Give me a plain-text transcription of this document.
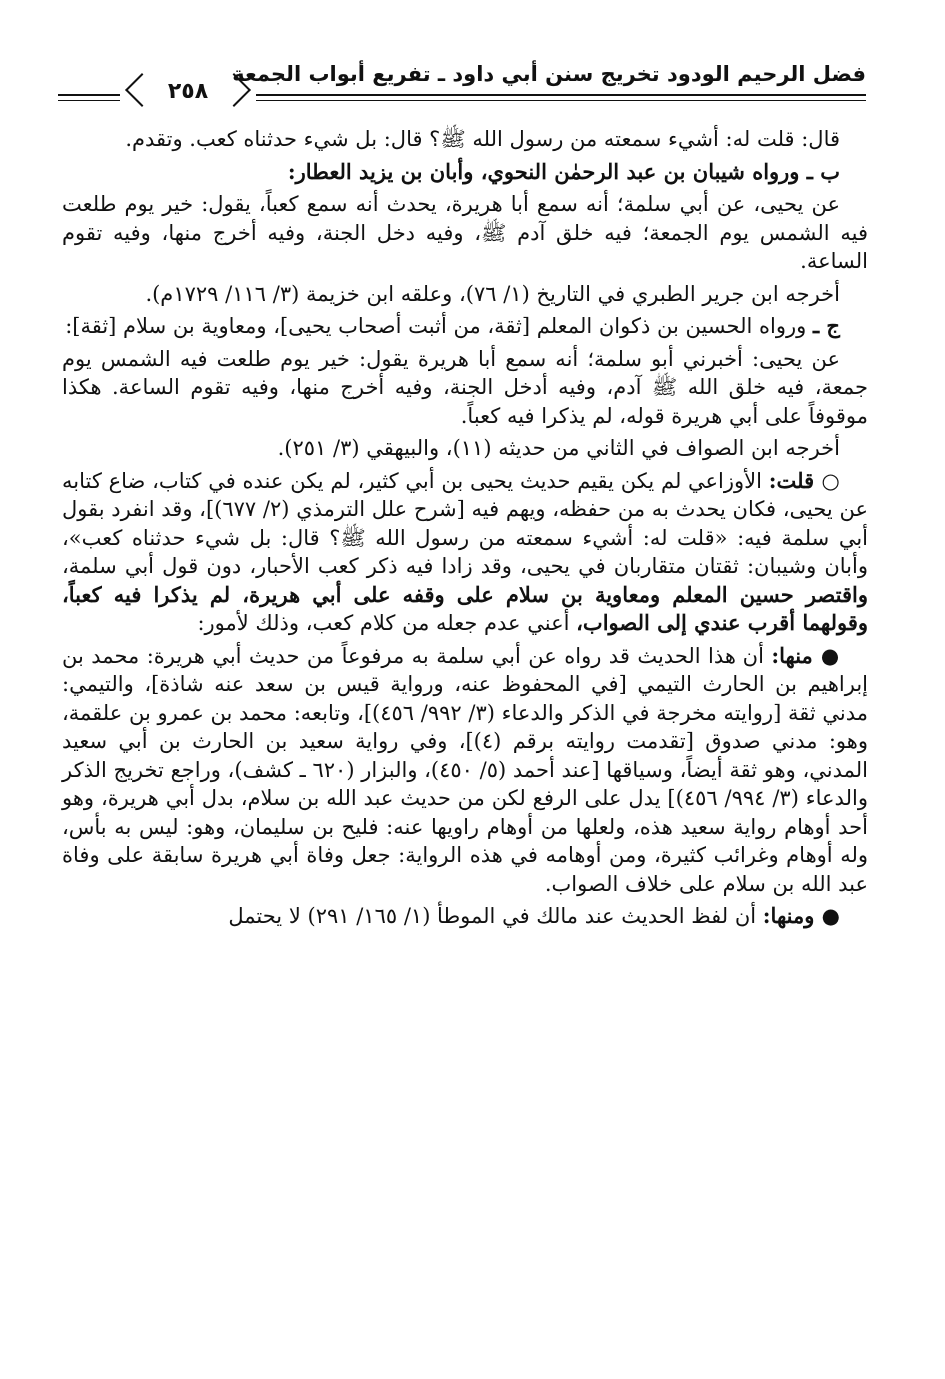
فضل الرحيم الودود تخريج سنن أبي داود ـ تفريع أبواب الجمعة
٢٥٨

قال: قلت له: أشيء سمعته من رسول الله ﷺ؟ قال: بل شيء حدثناه كعب. وتقدم.

ب ـ ورواه شيبان بن عبد الرحمٰن النحوي، وأبان بن يزيد العطار:

عن يحيى، عن أبي سلمة؛ أنه سمع أبا هريرة، يحدث أنه سمع كعباً، يقول: خير يوم طلعت فيه الشمس يوم الجمعة؛ فيه خلق آدم ﷺ، وفيه دخل الجنة، وفيه أخرج منها، وفيه تقوم الساعة.

أخرجه ابن جرير الطبري في التاريخ (١/ ٧٦)، وعلقه ابن خزيمة (٣/ ١١٦/ ١٧٢٩م).

ج ـ ورواه الحسين بن ذكوان المعلم [ثقة، من أثبت أصحاب يحيى]، ومعاوية بن سلام [ثقة]:

عن يحيى: أخبرني أبو سلمة؛ أنه سمع أبا هريرة يقول: خير يوم طلعت فيه الشمس يوم جمعة، فيه خلق الله ﷺ آدم، وفيه أدخل الجنة، وفيه أخرج منها، وفيه تقوم الساعة. هكذا موقوفاً على أبي هريرة قوله، لم يذكرا فيه كعباً.

أخرجه ابن الصواف في الثاني من حديثه (١١)، والبيهقي (٣/ ٢٥١).

○ قلت: الأوزاعي لم يكن يقيم حديث يحيى بن أبي كثير، لم يكن عنده في كتاب، ضاع كتابه عن يحيى، فكان يحدث به من حفظه، ويهم فيه [شرح علل الترمذي (٢/ ٦٧٧)]، وقد انفرد بقول أبي سلمة فيه: «قلت له: أشيء سمعته من رسول الله ﷺ؟ قال: بل شيء حدثناه كعب»، وأبان وشيبان: ثقتان متقاربان في يحيى، وقد زادا فيه ذكر كعب الأحبار، دون قول أبي سلمة، واقتصر حسين المعلم ومعاوية بن سلام على وقفه على أبي هريرة، لم يذكرا فيه كعباً، وقولهما أقرب عندي إلى الصواب، أعني عدم جعله من كلام كعب، وذلك لأمور:

● منها: أن هذا الحديث قد رواه عن أبي سلمة به مرفوعاً من حديث أبي هريرة: محمد بن إبراهيم بن الحارث التيمي [في المحفوظ عنه، ورواية قيس بن سعد عنه شاذة]، والتيمي: مدني ثقة [روايته مخرجة في الذكر والدعاء (٣/ ٩٩٢/ ٤٥٦)]، وتابعه: محمد بن عمرو بن علقمة، وهو: مدني صدوق [تقدمت روايته برقم (٤)]، وفي رواية سعيد بن الحارث بن أبي سعيد المدني، وهو ثقة أيضاً، وسياقها [عند أحمد (٥/ ٤٥٠)، والبزار (٦٢٠ ـ كشف)، وراجع تخريج الذكر والدعاء (٣/ ٩٩٤/ ٤٥٦)] يدل على الرفع لكن من حديث عبد الله بن سلام، بدل أبي هريرة، وهو أحد أوهام رواية سعيد هذه، ولعلها من أوهام راويها عنه: فليح بن سليمان، وهو: ليس به بأس، وله أوهام وغرائب كثيرة، ومن أوهامه في هذه الرواية: جعل وفاة أبي هريرة سابقة على وفاة عبد الله بن سلام على خلاف الصواب.

● ومنها: أن لفظ الحديث عند مالك في الموطأ (١/ ١٦٥/ ٢٩١) لا يحتمل
